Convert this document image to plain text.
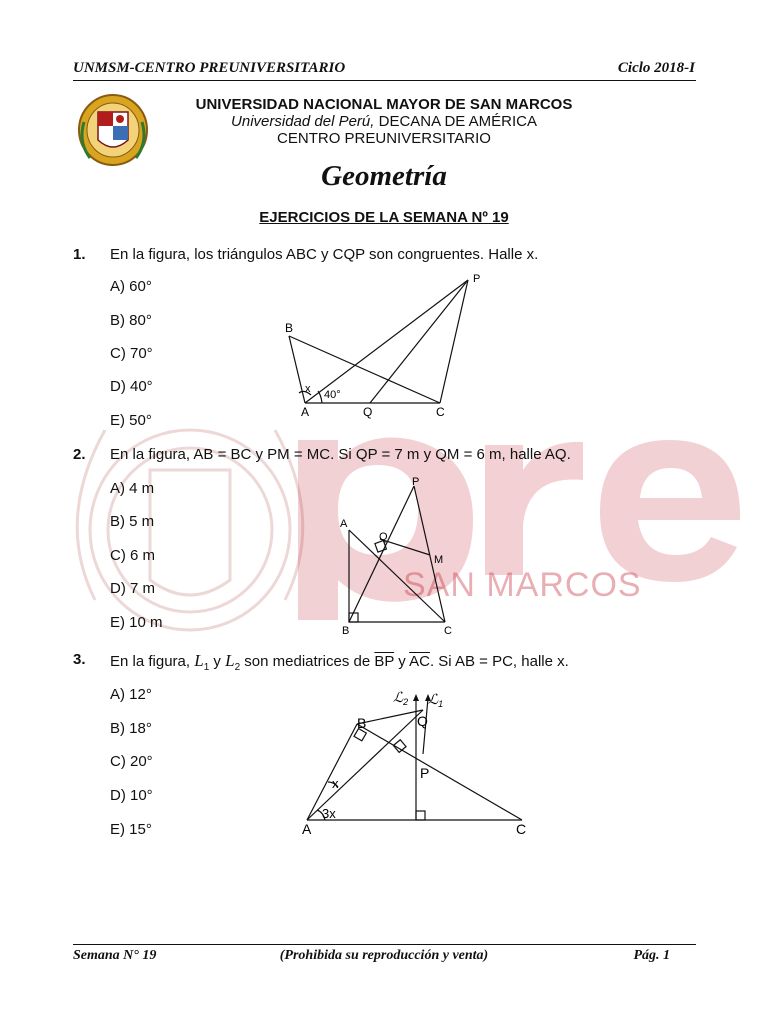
SAN MARCOS
UNMSM-CENTRO PREUNIVERSITARIO	Ciclo 2018-I
UNIVERSIDAD NACIONAL MAYOR DE SAN MARCOS
Universidad del Perú, DECANA DE AMÉRICA
CENTRO PREUNIVERSITARIO
Geometría
EJERCICIOS DE LA SEMANA Nº 19
1. En la figura, los triángulos ABC y CQP son congruentes. Halle x.
A) 60°
B) 80°
C) 70°
D) 40°
E) 50°
P
B
x 40°
A	Q	C
2. En la figura, AB = BC y PM = MC. Si QP = 7 m y QM = 6 m, halle AQ.
A) 4 m
B) 5 m
C) 6 m
D) 7 m
E) 10 m
P
A
Q
M
B	C
3. En la figura, $L_1$ y $L_2$ son mediatrices de $\overline{BP}$ y $\overline{AC}$. Si AB = PC, halle x.
A) 12°
B) 18°
C) 20°
D) 10°
E) 15°
ℒ$_2$ ℒ$_1$
B	Q
P
x
3x
A	C
Semana N° 19	(Prohibida su reproducción y venta)	Pág. 1
